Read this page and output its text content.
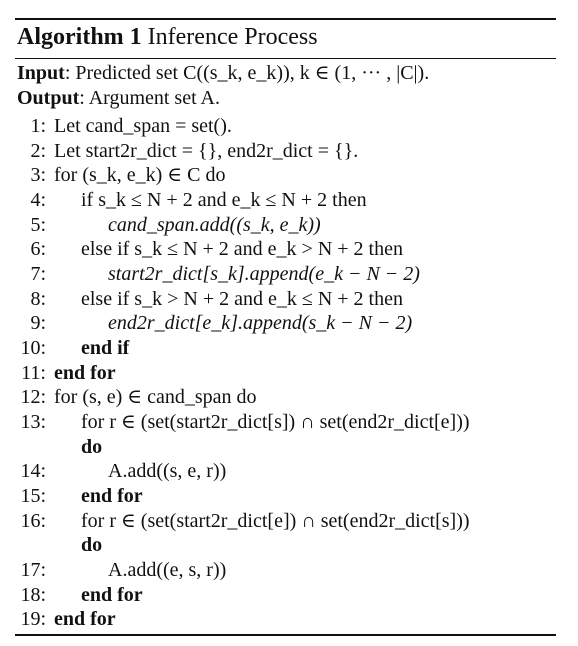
Algorithm 1 Inference Process
Input: Predicted set C((s_k, e_k)), k ∈ (1, ··· , |C|).
Output: Argument set A.
1: Let cand_span = set().
2: Let start2r_dict = {}, end2r_dict = {}.
3: for (s_k, e_k) ∈ C do
4: if s_k ≤ N + 2 and e_k ≤ N + 2 then
5:	cand_span.add((s_k, e_k))
6: else if s_k ≤ N + 2 and e_k > N + 2 then
7:	start2r_dict[s_k].append(e_k − N − 2)
8: else if s_k > N + 2 and e_k ≤ N + 2 then
9:	end2r_dict[e_k].append(s_k − N − 2)
10: end if
11: end for
12: for (s, e) ∈ cand_span do
13: for r ∈ (set(start2r_dict[s]) ∩ set(end2r_dict[e]))
do
14:	A.add((s, e, r))
15: end for
16: for r ∈ (set(start2r_dict[e]) ∩ set(end2r_dict[s]))
do
17:	A.add((e, s, r))
18: end for
19: end for
